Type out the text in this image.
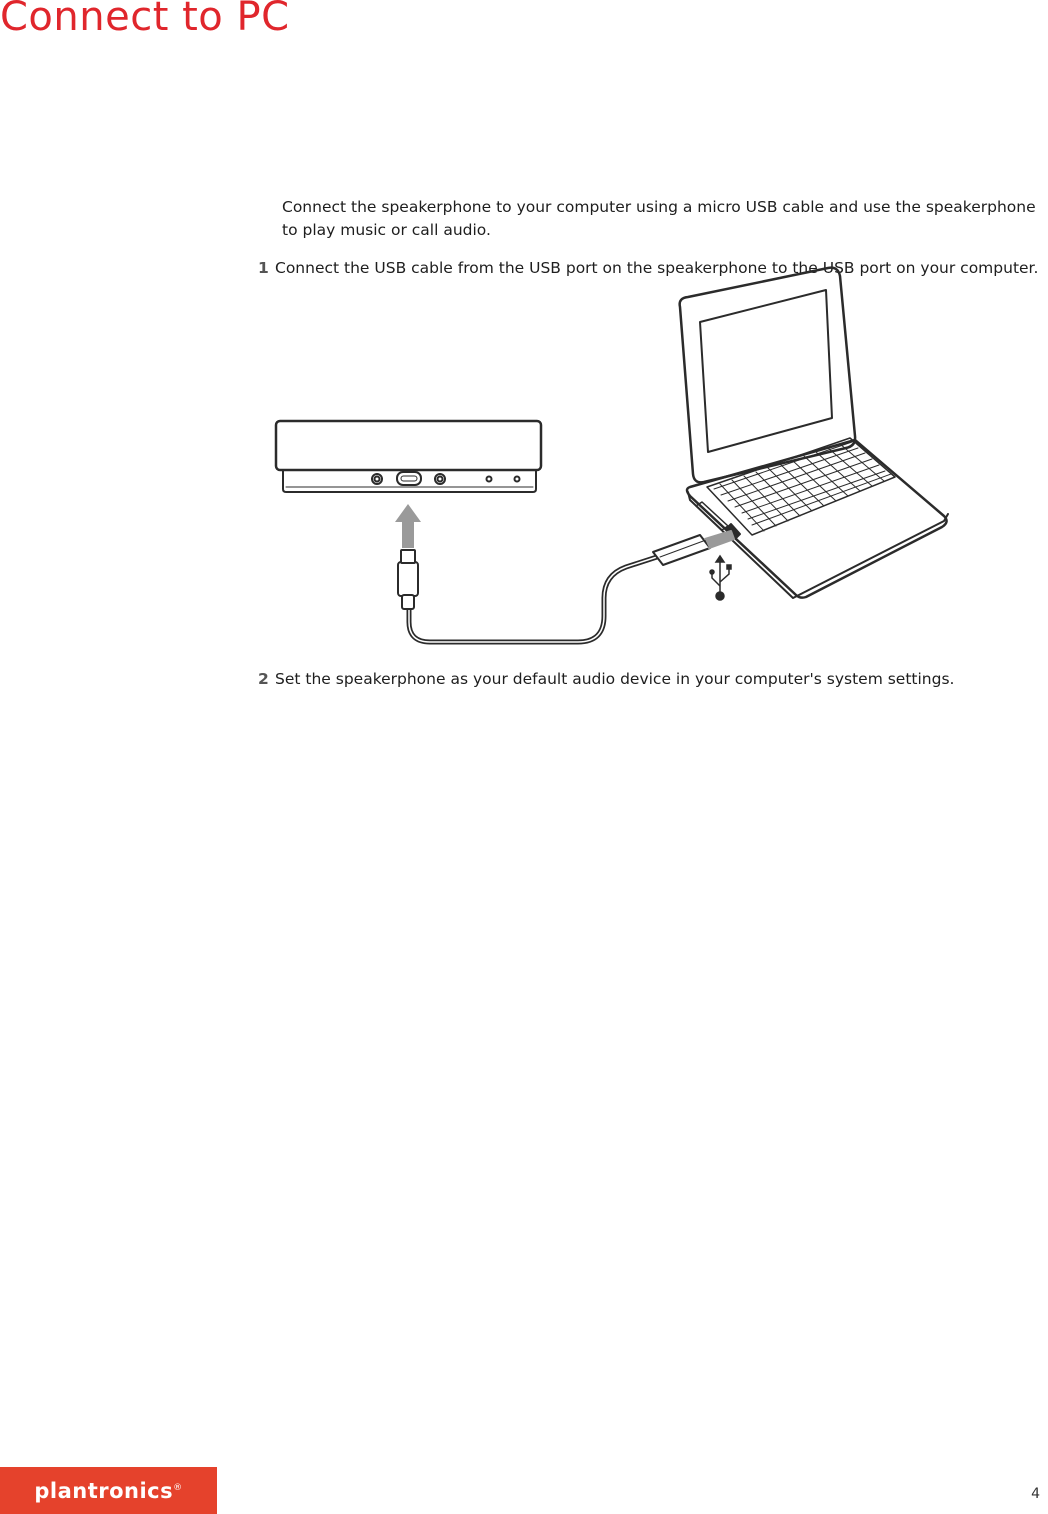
Connect to PC

Connect the speakerphone to your computer using a micro USB cable and use the speakerphone to play music or call audio.

1 Connect the USB cable from the USB port on the speakerphone to the USB port on your computer.

2 Set the speakerphone as your default audio device in your computer's system settings.

plantronics®	4
